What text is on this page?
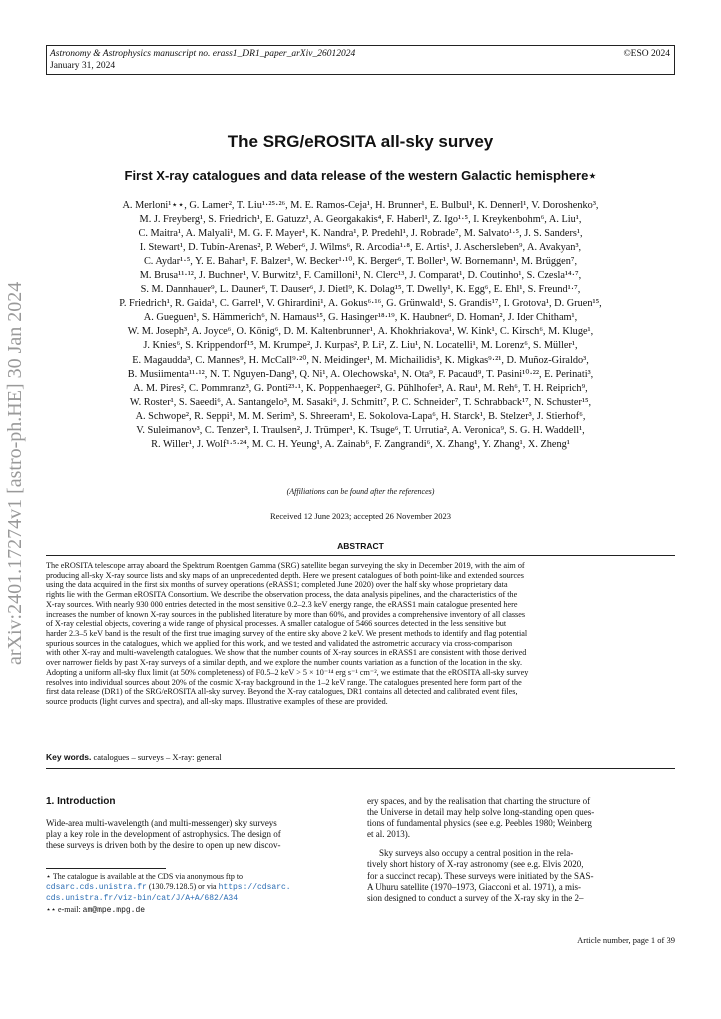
Astronomy & Astrophysics manuscript no. erass1_DR1_paper_arXiv_26012024
January 31, 2024
©ESO 2024
arXiv:2401.17274v1 [astro-ph.HE] 30 Jan 2024
The SRG/eROSITA all-sky survey
First X-ray catalogues and data release of the western Galactic hemisphere⋆
A. Merloni¹⋆⋆, G. Lamer², T. Liu¹·²⁵·²⁶, M. E. Ramos-Ceja¹, H. Brunner¹, E. Bulbul¹, K. Dennerl¹, V. Doroshenko³,
M. J. Freyberg¹, S. Friedrich¹, E. Gatuzz¹, A. Georgakakis⁴, F. Haberl¹, Z. Igo¹·⁵, I. Kreykenbohm⁶, A. Liu¹,
C. Maitra¹, A. Malyali¹, M. G. F. Mayer¹, K. Nandra¹, P. Predehl¹, J. Robrade⁷, M. Salvato¹·⁵, J. S. Sanders¹,
I. Stewart¹, D. Tubín-Arenas², P. Weber⁶, J. Wilms⁶, R. Arcodia¹·⁸, E. Artis¹, J. Aschersleben⁹, A. Avakyan³,
C. Aydar¹·⁵, Y. E. Bahar¹, F. Balzer¹, W. Becker¹·¹⁰, K. Berger⁶, T. Boller¹, W. Bornemann¹, M. Brüggen⁷,
M. Brusa¹¹·¹², J. Buchner¹, V. Burwitz¹, F. Camilloni¹, N. Clerc¹³, J. Comparat¹, D. Coutinho¹, S. Czesla¹⁴·⁷,
S. M. Dannhauer⁹, L. Dauner⁶, T. Dauser⁶, J. Dietl⁹, K. Dolag¹⁵, T. Dwelly¹, K. Egg⁶, E. Ehl¹, S. Freund¹·⁷,
P. Friedrich¹, R. Gaida¹, C. Garrel¹, V. Ghirardini¹, A. Gokus⁶·¹⁶, G. Grünwald¹, S. Grandis¹⁷, I. Grotova¹, D. Gruen¹⁵,
A. Gueguen¹, S. Hämmerich⁶, N. Hamaus¹⁵, G. Hasinger¹⁸·¹⁹, K. Haubner⁶, D. Homan², J. Ider Chitham¹,
W. M. Joseph³, A. Joyce⁶, O. König⁶, D. M. Kaltenbrunner¹, A. Khokhriakova¹, W. Kink¹, C. Kirsch⁶, M. Kluge¹,
J. Knies⁶, S. Krippendorf¹⁵, M. Krumpe², J. Kurpas², P. Li², Z. Liu¹, N. Locatelli¹, M. Lorenz⁶, S. Müller¹,
E. Magaudda³, C. Mannes⁹, H. McCall⁹·²⁰, N. Meidinger¹, M. Michailidis³, K. Migkas⁹·²¹, D. Muñoz-Giraldo³,
B. Musiimenta¹¹·¹², N. T. Nguyen-Dang³, Q. Ni¹, A. Olechowska¹, N. Ota⁹, F. Pacaud⁹, T. Pasini¹⁰·²², E. Perinati³,
A. M. Pires², C. Pommranz³, G. Ponti²³·¹, K. Poppenhaeger², G. Pühlhofer³, A. Rau¹, M. Reh⁶, T. H. Reiprich⁹,
W. Roster¹, S. Saeedi⁶, A. Santangelo³, M. Sasaki⁶, J. Schmitt⁷, P. C. Schneider⁷, T. Schrabback¹⁷, N. Schuster¹⁵,
A. Schwope², R. Seppi¹, M. M. Serim³, S. Shreeram¹, E. Sokolova-Lapa⁶, H. Starck¹, B. Stelzer³, J. Stierhof⁶,
V. Suleimanov³, C. Tenzer³, I. Traulsen², J. Trümper¹, K. Tsuge⁶, T. Urrutia², A. Veronica⁹, S. G. H. Waddell¹,
R. Willer¹, J. Wolf¹·⁵·²⁴, M. C. H. Yeung¹, A. Zainab⁶, F. Zangrandi⁶, X. Zhang¹, Y. Zhang¹, X. Zheng¹
(Affiliations can be found after the references)
Received 12 June 2023; accepted 26 November 2023
ABSTRACT
The eROSITA telescope array aboard the Spektrum Roentgen Gamma (SRG) satellite began surveying the sky in December 2019, with the aim of
producing all-sky X-ray source lists and sky maps of an unprecedented depth. Here we present catalogues of both point-like and extended sources
using the data acquired in the first six months of survey operations (eRASS1; completed June 2020) over the half sky whose proprietary data
rights lie with the German eROSITA Consortium. We describe the observation process, the data analysis pipelines, and the characteristics of the
X-ray sources. With nearly 930 000 entries detected in the most sensitive 0.2–2.3 keV energy range, the eRASS1 main catalogue presented here
increases the number of known X-ray sources in the published literature by more than 60%, and provides a comprehensive inventory of all classes
of X-ray celestial objects, covering a wide range of physical processes. A smaller catalogue of 5466 sources detected in the less sensitive but
harder 2.3–5 keV band is the result of the first true imaging survey of the entire sky above 2 keV. We present methods to identify and flag potential
spurious sources in the catalogues, which we applied for this work, and we tested and validated the astrometric accuracy via cross-comparison
with other X-ray and multi-wavelength catalogues. We show that the number counts of X-ray sources in eRASS1 are consistent with those derived
over narrower fields by past X-ray surveys of a similar depth, and we explore the number counts variation as a function of the location in the sky.
Adopting a uniform all-sky flux limit (at 50% completeness) of F0.5–2 keV > 5 × 10⁻¹⁴ erg s⁻¹ cm⁻², we estimate that the eROSITA all-sky survey
resolves into individual sources about 20% of the cosmic X-ray background in the 1–2 keV range. The catalogues presented here form part of the
first data release (DR1) of the SRG/eROSITA all-sky survey. Beyond the X-ray catalogues, DR1 contains all detected and calibrated event files,
source products (light curves and spectra), and all-sky maps. Illustrative examples of these are provided.
Key words. catalogues – surveys – X-ray: general
1. Introduction
Wide-area multi-wavelength (and multi-messenger) sky surveys
play a key role in the development of astrophysics. The design of
these surveys is driven both by the desire to open up new discov-
⋆ The catalogue is available at the CDS via anonymous ftp to
cdsarc.cds.unistra.fr (130.79.128.5) or via https://cdsarc.
cds.unistra.fr/viz-bin/cat/J/A+A/682/A34
⋆⋆ e-mail: am@mpe.mpg.de
ery spaces, and by the realisation that charting the structure of
the Universe in detail may help solve long-standing open ques-
tions of fundamental physics (see e.g. Peebles 1980; Weinberg
et al. 2013).
Sky surveys also occupy a central position in the rela-
tively short history of X-ray astronomy (see e.g. Elvis 2020,
for a succinct recap). These surveys were initiated by the SAS-
A Uhuru satellite (1970–1973, Giacconi et al. 1971), a mis-
sion designed to conduct a survey of the X-ray sky in the 2–
Article number, page 1 of 39
